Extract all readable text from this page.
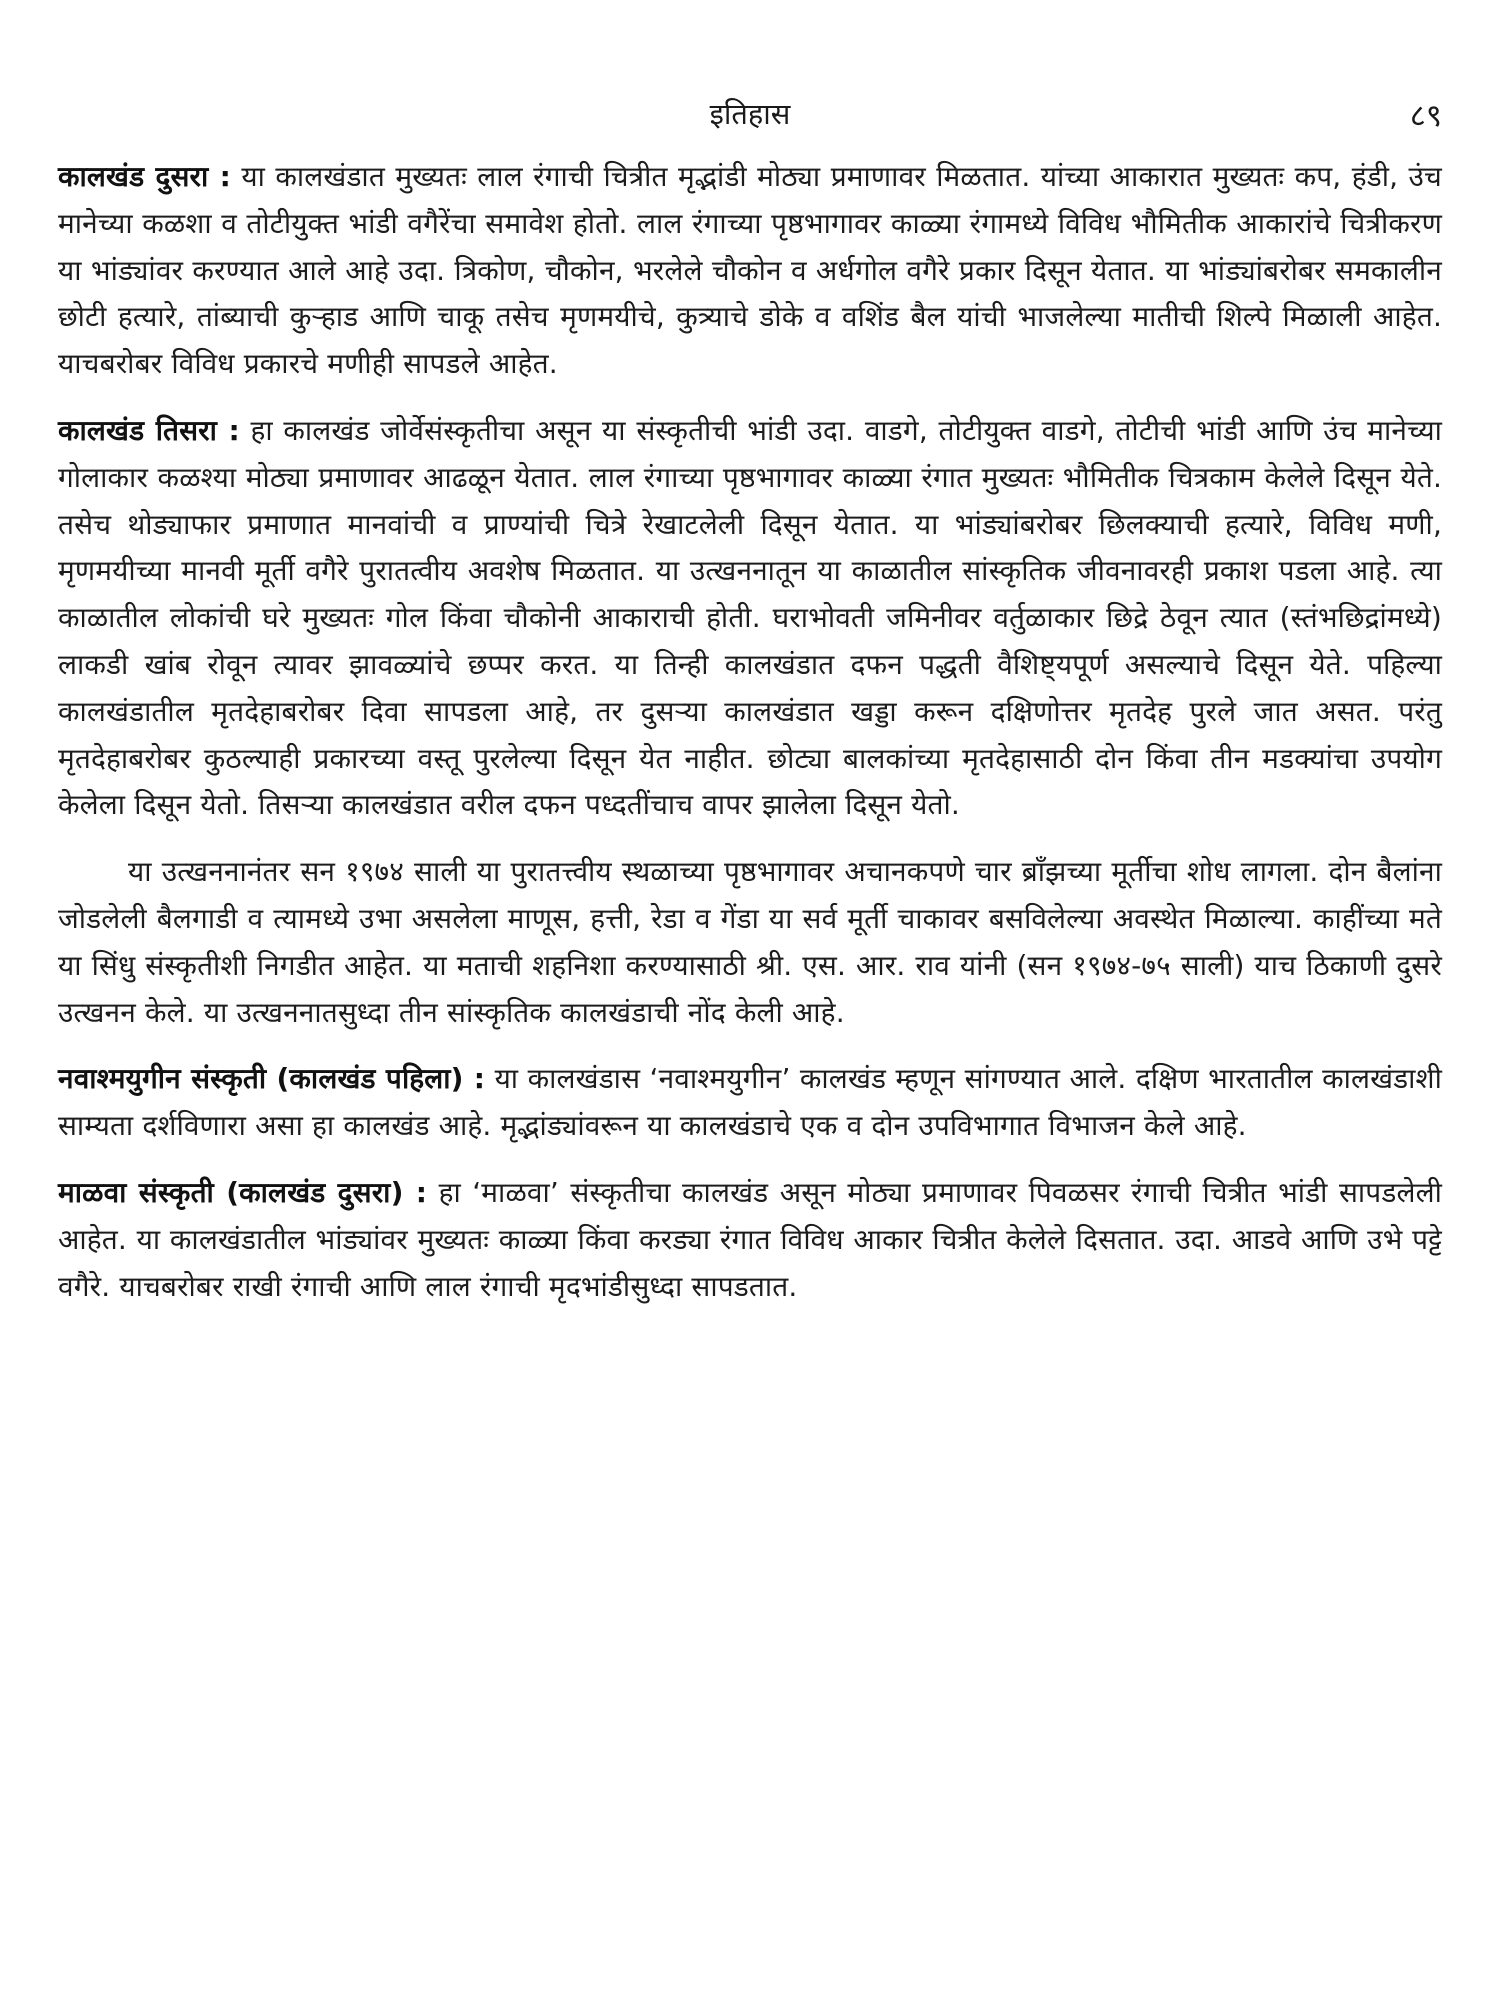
इतिहास	८९

कालखंड दुसरा : या कालखंडात मुख्यतः लाल रंगाची चित्रीत मृद्भांडी मोठ्या प्रमाणावर मिळतात. यांच्या आकारात मुख्यतः कप, हंडी, उंच मानेच्या कळशा व तोटीयुक्त भांडी वगैरेंचा समावेश होतो. लाल रंगाच्या पृष्ठभागावर काळ्या रंगामध्ये विविध भौमितीक आकारांचे चित्रीकरण या भांड्यांवर करण्यात आले आहे उदा. त्रिकोण, चौकोन, भरलेले चौकोन व अर्धगोल वगैरे प्रकार दिसून येतात. या भांड्यांबरोबर समकालीन छोटी हत्यारे, तांब्याची कुऱ्हाड आणि चाकू तसेच मृणमयीचे, कुत्र्याचे डोके व वशिंड बैल यांची भाजलेल्या मातीची शिल्पे मिळाली आहेत. याचबरोबर विविध प्रकारचे मणीही सापडले आहेत.

कालखंड तिसरा : हा कालखंड जोर्वेसंस्कृतीचा असून या संस्कृतीची भांडी उदा. वाडगे, तोटीयुक्त वाडगे, तोटीची भांडी आणि उंच मानेच्या गोलाकार कळश्या मोठ्या प्रमाणावर आढळून येतात. लाल रंगाच्या पृष्ठभागावर काळ्या रंगात मुख्यतः भौमितीक चित्रकाम केलेले दिसून येते. तसेच थोड्याफार प्रमाणात मानवांची व प्राण्यांची चित्रे रेखाटलेली दिसून येतात. या भांड्यांबरोबर छिलक्याची हत्यारे, विविध मणी, मृणमयीच्या मानवी मूर्ती वगैरे पुरातत्वीय अवशेष मिळतात. या उत्खननातून या काळातील सांस्कृतिक जीवनावरही प्रकाश पडला आहे. त्या काळातील लोकांची घरे मुख्यतः गोल किंवा चौकोनी आकाराची होती. घराभोवती जमिनीवर वर्तुळाकार छिद्रे ठेवून त्यात (स्तंभछिद्रांमध्ये) लाकडी खांब रोवून त्यावर झावळ्यांचे छप्पर करत. या तिन्ही कालखंडात दफन पद्धती वैशिष्ट्यपूर्ण असल्याचे दिसून येते. पहिल्या कालखंडातील मृतदेहाबरोबर दिवा सापडला आहे, तर दुसऱ्या कालखंडात खड्डा करून दक्षिणोत्तर मृतदेह पुरले जात असत. परंतु मृतदेहाबरोबर कुठल्याही प्रकारच्या वस्तू पुरलेल्या दिसून येत नाहीत. छोट्या बालकांच्या मृतदेहासाठी दोन किंवा तीन मडक्यांचा उपयोग केलेला दिसून येतो. तिसऱ्या कालखंडात वरील दफन पध्दतींचाच वापर झालेला दिसून येतो.

या उत्खननानंतर सन १९७४ साली या पुरातत्त्वीय स्थळाच्या पृष्ठभागावर अचानकपणे चार ब्राँझच्या मूर्तीचा शोध लागला. दोन बैलांना जोडलेली बैलगाडी व त्यामध्ये उभा असलेला माणूस, हत्ती, रेडा व गेंडा या सर्व मूर्ती चाकावर बसविलेल्या अवस्थेत मिळाल्या. काहींच्या मते या सिंधु संस्कृतीशी निगडीत आहेत. या मताची शहनिशा करण्यासाठी श्री. एस. आर. राव यांनी (सन १९७४-७५ साली) याच ठिकाणी दुसरे उत्खनन केले. या उत्खननातसुध्दा तीन सांस्कृतिक कालखंडाची नोंद केली आहे.

नवाश्मयुगीन संस्कृती (कालखंड पहिला) : या कालखंडास ‘नवाश्मयुगीन’ कालखंड म्हणून सांगण्यात आले. दक्षिण भारतातील कालखंडाशी साम्यता दर्शविणारा असा हा कालखंड आहे. मृद्भांड्यांवरून या कालखंडाचे एक व दोन उपविभागात विभाजन केले आहे.

माळवा संस्कृती (कालखंड दुसरा) : हा ‘माळवा’ संस्कृतीचा कालखंड असून मोठ्या प्रमाणावर पिवळसर रंगाची चित्रीत भांडी सापडलेली आहेत. या कालखंडातील भांड्यांवर मुख्यतः काळ्या किंवा करड्या रंगात विविध आकार चित्रीत केलेले दिसतात. उदा. आडवे आणि उभे पट्टे वगैरे. याचबरोबर राखी रंगाची आणि लाल रंगाची मृदभांडीसुध्दा सापडतात.
